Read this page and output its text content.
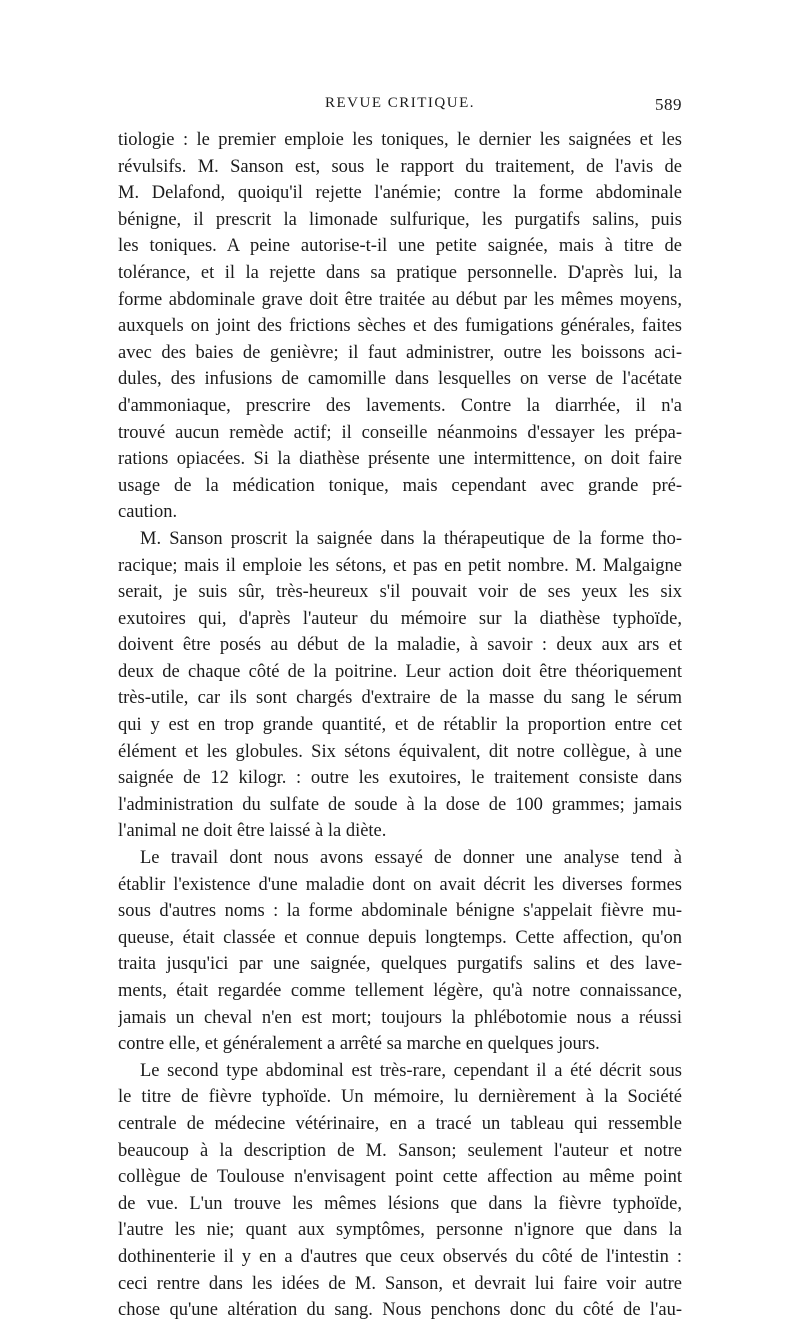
REVUE CRITIQUE.	589
tiologie : le premier emploie les toniques, le dernier les saignées et les
révulsifs. M. Sanson est, sous le rapport du traitement, de l'avis de
M. Delafond, quoiqu'il rejette l'anémie; contre la forme abdominale
bénigne, il prescrit la limonade sulfurique, les purgatifs salins, puis
les toniques. A peine autorise-t-il une petite saignée, mais à titre de
tolérance, et il la rejette dans sa pratique personnelle. D'après lui, la
forme abdominale grave doit être traitée au début par les mêmes moyens,
auxquels on joint des frictions sèches et des fumigations générales, faites
avec des baies de genièvre; il faut administrer, outre les boissons aci-
dules, des infusions de camomille dans lesquelles on verse de l'acétate
d'ammoniaque, prescrire des lavements. Contre la diarrhée, il n'a
trouvé aucun remède actif; il conseille néanmoins d'essayer les prépa-
rations opiacées. Si la diathèse présente une intermittence, on doit faire
usage de la médication tonique, mais cependant avec grande pré-
caution.
M. Sanson proscrit la saignée dans la thérapeutique de la forme tho-
racique; mais il emploie les sétons, et pas en petit nombre. M. Malgaigne
serait, je suis sûr, très-heureux s'il pouvait voir de ses yeux les six
exutoires qui, d'après l'auteur du mémoire sur la diathèse typhoïde,
doivent être posés au début de la maladie, à savoir : deux aux ars et
deux de chaque côté de la poitrine. Leur action doit être théoriquement
très-utile, car ils sont chargés d'extraire de la masse du sang le sérum
qui y est en trop grande quantité, et de rétablir la proportion entre cet
élément et les globules. Six sétons équivalent, dit notre collègue, à une
saignée de 12 kilogr. : outre les exutoires, le traitement consiste dans
l'administration du sulfate de soude à la dose de 100 grammes; jamais
l'animal ne doit être laissé à la diète.
Le travail dont nous avons essayé de donner une analyse tend à
établir l'existence d'une maladie dont on avait décrit les diverses formes
sous d'autres noms : la forme abdominale bénigne s'appelait fièvre mu-
queuse, était classée et connue depuis longtemps. Cette affection, qu'on
traita jusqu'ici par une saignée, quelques purgatifs salins et des lave-
ments, était regardée comme tellement légère, qu'à notre connaissance,
jamais un cheval n'en est mort; toujours la phlébotomie nous a réussi
contre elle, et généralement a arrêté sa marche en quelques jours.
Le second type abdominal est très-rare, cependant il a été décrit sous
le titre de fièvre typhoïde. Un mémoire, lu dernièrement à la Société
centrale de médecine vétérinaire, en a tracé un tableau qui ressemble
beaucoup à la description de M. Sanson; seulement l'auteur et notre
collègue de Toulouse n'envisagent point cette affection au même point
de vue. L'un trouve les mêmes lésions que dans la fièvre typhoïde,
l'autre les nie; quant aux symptômes, personne n'ignore que dans la
dothinenterie il y en a d'autres que ceux observés du côté de l'intestin :
ceci rentre dans les idées de M. Sanson, et devrait lui faire voir autre
chose qu'une altération du sang. Nous penchons donc du côté de l'au-
